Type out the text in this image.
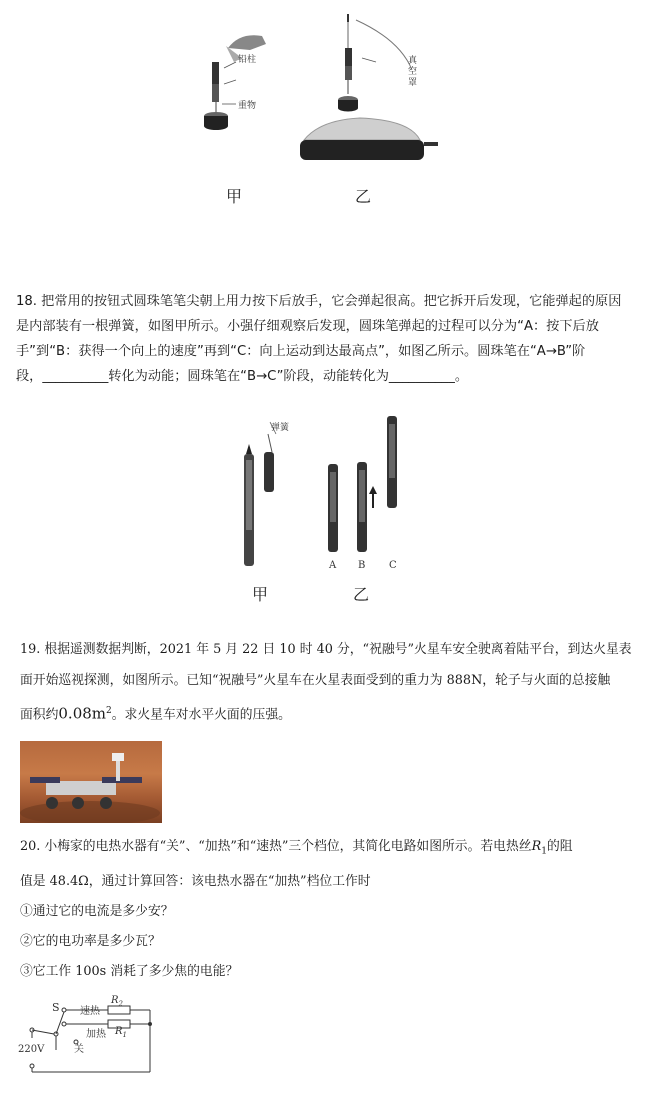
铅柱
重物
真空罩
甲	乙
18. 把常用的按钮式圆珠笔笔尖朝上用力按下后放手，它会弹起很高。把它拆开后发现，它能弹起的原因
是内部装有一根弹簧，如图甲所示。小强仔细观察后发现，圆珠笔弹起的过程可以分为“A：按下后放
手”到“B：获得一个向上的速度”再到“C：向上运动到达最高点”，如图乙所示。圆珠笔在“A→B”阶
段，__________转化为动能；圆珠笔在“B→C”阶段，动能转化为__________。
弹簧
A B C
甲	乙
19. 根据遥测数据判断，2021 年 5 月 22 日 10 时 40 分，“祝融号”火星车安全驶离着陆平台，到达火星表
面开始巡视探测，如图所示。已知“祝融号”火星车在火星表面受到的重力为 888N，轮子与火面的总接触
面积约$0.08m^2$。求火星车对水平火面的压强。
20. 小梅家的电热水器有“关”、“加热”和“速热”三个档位，其简化电路如图所示。若电热丝$R_1$的阻
值是 48.4Ω，通过计算回答：该电热水器在“加热”档位工作时
①通过它的电流是多少安？
②它的电功率是多少瓦？
③它工作 100s 消耗了多少焦的电能？
S 速热
$R_2$
加热 $R_1$
关
220V
